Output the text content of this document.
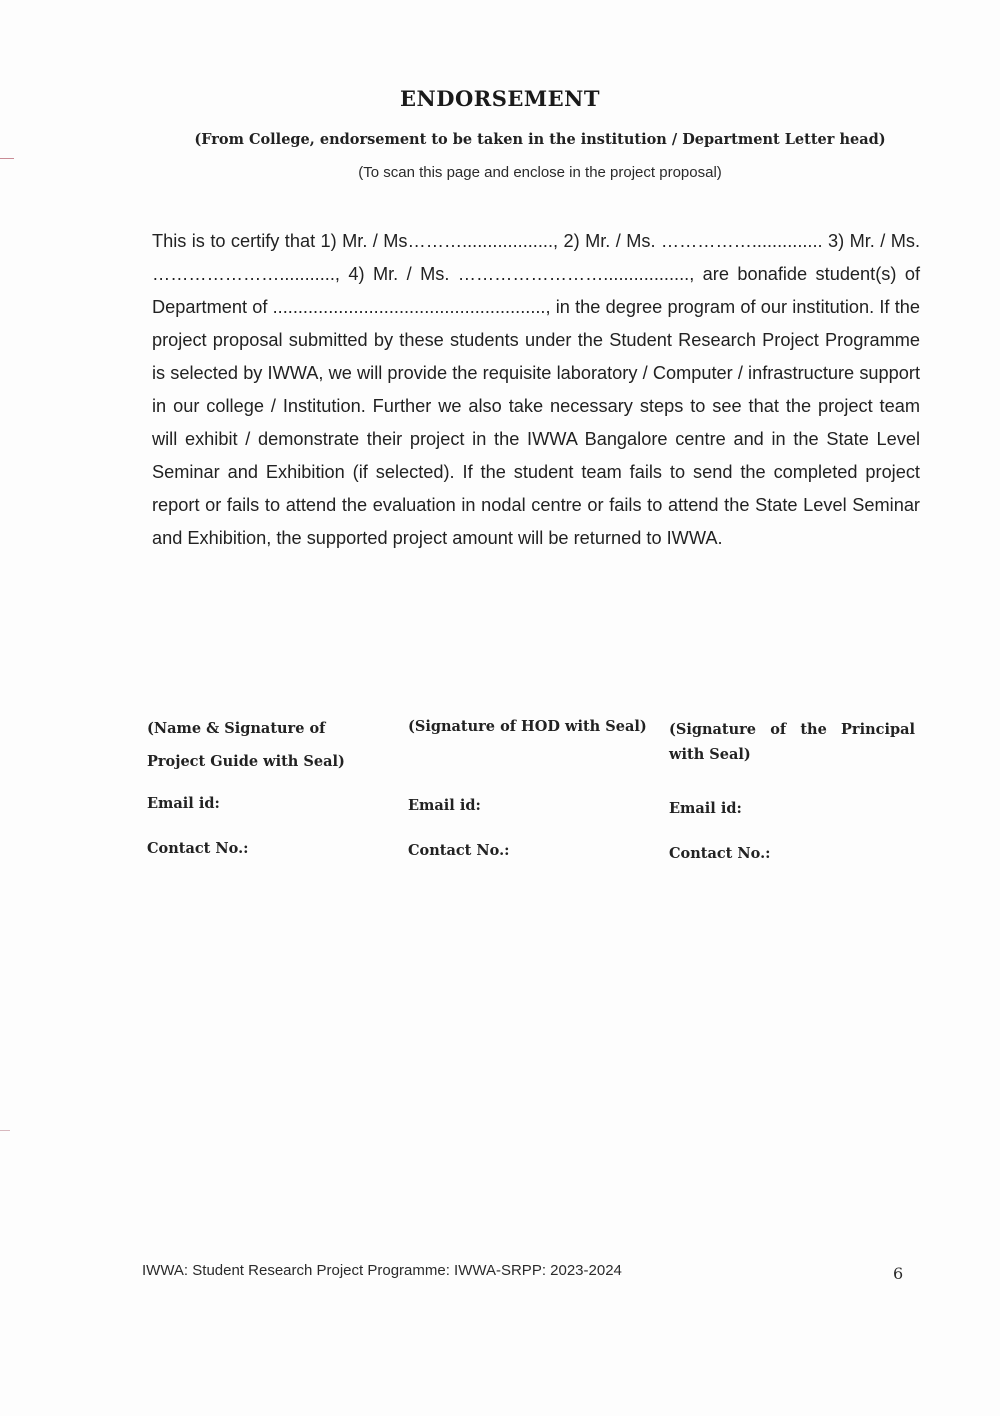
ENDORSEMENT
(From College, endorsement to be taken in the institution / Department Letter head)
(To scan this page and enclose in the project proposal)
This is to certify that 1) Mr. / Ms……….................., 2) Mr. / Ms. …………….............. 3) Mr. / Ms. …………………..........., 4) Mr. / Ms. ……………………................., are bonafide student(s) of Department of ......................................................, in the degree program of our institution. If the project proposal submitted by these students under the Student Research Project Programme is selected by IWWA, we will provide the requisite laboratory / Computer / infrastructure support in our college / Institution. Further we also take necessary steps to see that the project team will exhibit / demonstrate their project in the IWWA Bangalore centre and in the State Level Seminar and Exhibition (if selected). If the student team fails to send the completed project report or fails to attend the evaluation in nodal centre or fails to attend the State Level Seminar and Exhibition, the supported project amount will be returned to IWWA.
(Name & Signature of Project Guide with Seal)
Email id:
Contact No.:
(Signature of HOD with Seal)
Email id:
Contact No.:
(Signature of the Principal with Seal)
Email id:
Contact No.:
IWWA: Student Research Project Programme: IWWA-SRPP: 2023-2024	6
